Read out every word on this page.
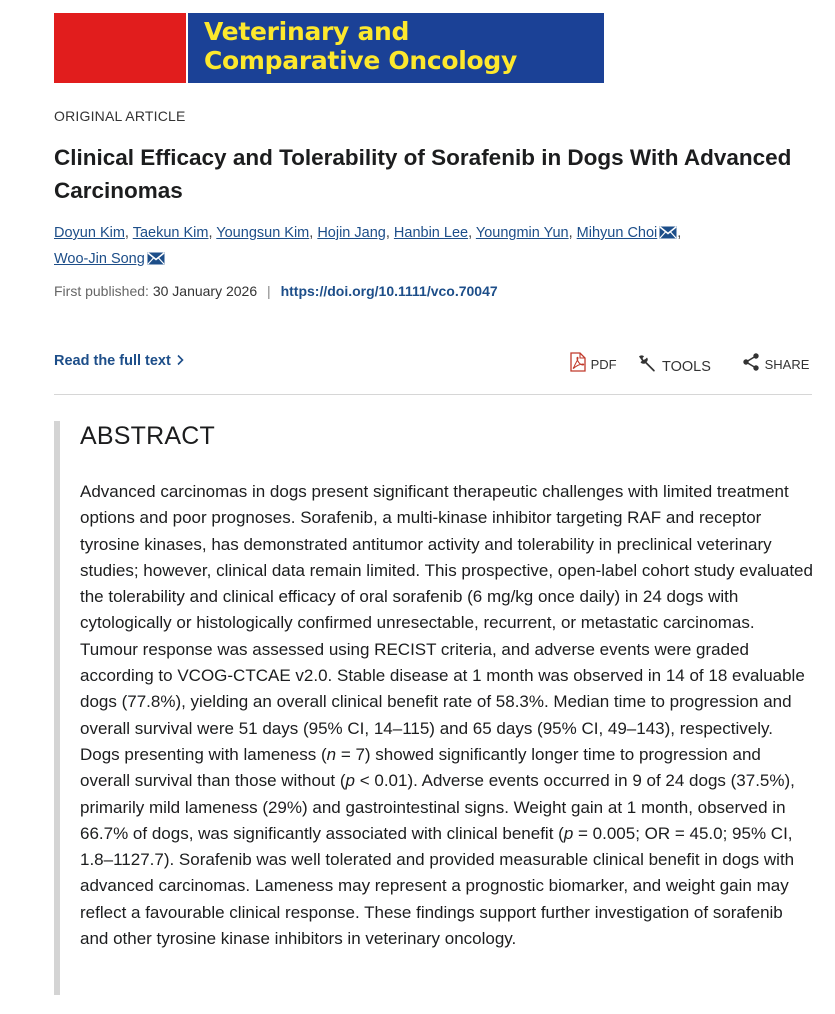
Veterinary and
Comparative Oncology
ORIGINAL ARTICLE
Clinical Efficacy and Tolerability of Sorafenib in Dogs With Advanced Carcinomas
Doyun Kim, Taekun Kim, Youngsun Kim, Hojin Jang, Hanbin Lee, Youngmin Yun, Mihyun Choi ,
Woo-Jin Song
First published: 30 January 2026 | https://doi.org/10.1111/vco.70047
Read the full text	PDF	TOOLS	SHARE
ABSTRACT
Advanced carcinomas in dogs present significant therapeutic challenges with limited treatment options and poor prognoses. Sorafenib, a multi-kinase inhibitor targeting RAF and receptor tyrosine kinases, has demonstrated antitumor activity and tolerability in preclinical veterinary studies; however, clinical data remain limited. This prospective, open-label cohort study evaluated the tolerability and clinical efficacy of oral sorafenib (6 mg/kg once daily) in 24 dogs with cytologically or histologically confirmed unresectable, recurrent, or metastatic carcinomas. Tumour response was assessed using RECIST criteria, and adverse events were graded according to VCOG-CTCAE v2.0. Stable disease at 1 month was observed in 14 of 18 evaluable dogs (77.8%), yielding an overall clinical benefit rate of 58.3%. Median time to progression and overall survival were 51 days (95% CI, 14–115) and 65 days (95% CI, 49–143), respectively. Dogs presenting with lameness (n = 7) showed significantly longer time to progression and overall survival than those without (p < 0.01). Adverse events occurred in 9 of 24 dogs (37.5%), primarily mild lameness (29%) and gastrointestinal signs. Weight gain at 1 month, observed in 66.7% of dogs, was significantly associated with clinical benefit (p = 0.005; OR = 45.0; 95% CI, 1.8–1127.7). Sorafenib was well tolerated and provided measurable clinical benefit in dogs with advanced carcinomas. Lameness may represent a prognostic biomarker, and weight gain may reflect a favourable clinical response. These findings support further investigation of sorafenib and other tyrosine kinase inhibitors in veterinary oncology.
